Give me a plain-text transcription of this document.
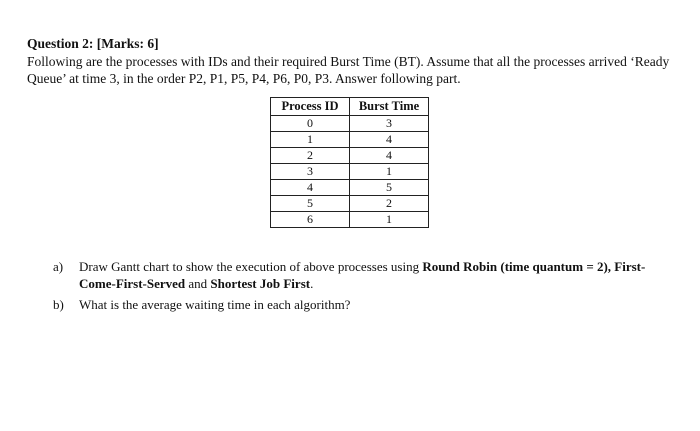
Question 2: [Marks: 6]
Following are the processes with IDs and their required Burst Time (BT). Assume that all the processes arrived ‘Ready Queue’ at time 3, in the order P2, P1, P5, P4, P6, P0, P3. Answer following part.
Process ID	Burst Time
0	3
1	4
2	4
3	1
4	5
5	2
6	1
a) Draw Gantt chart to show the execution of above processes using Round Robin (time quantum = 2), First-Come-First-Served and Shortest Job First.
b) What is the average waiting time in each algorithm?
